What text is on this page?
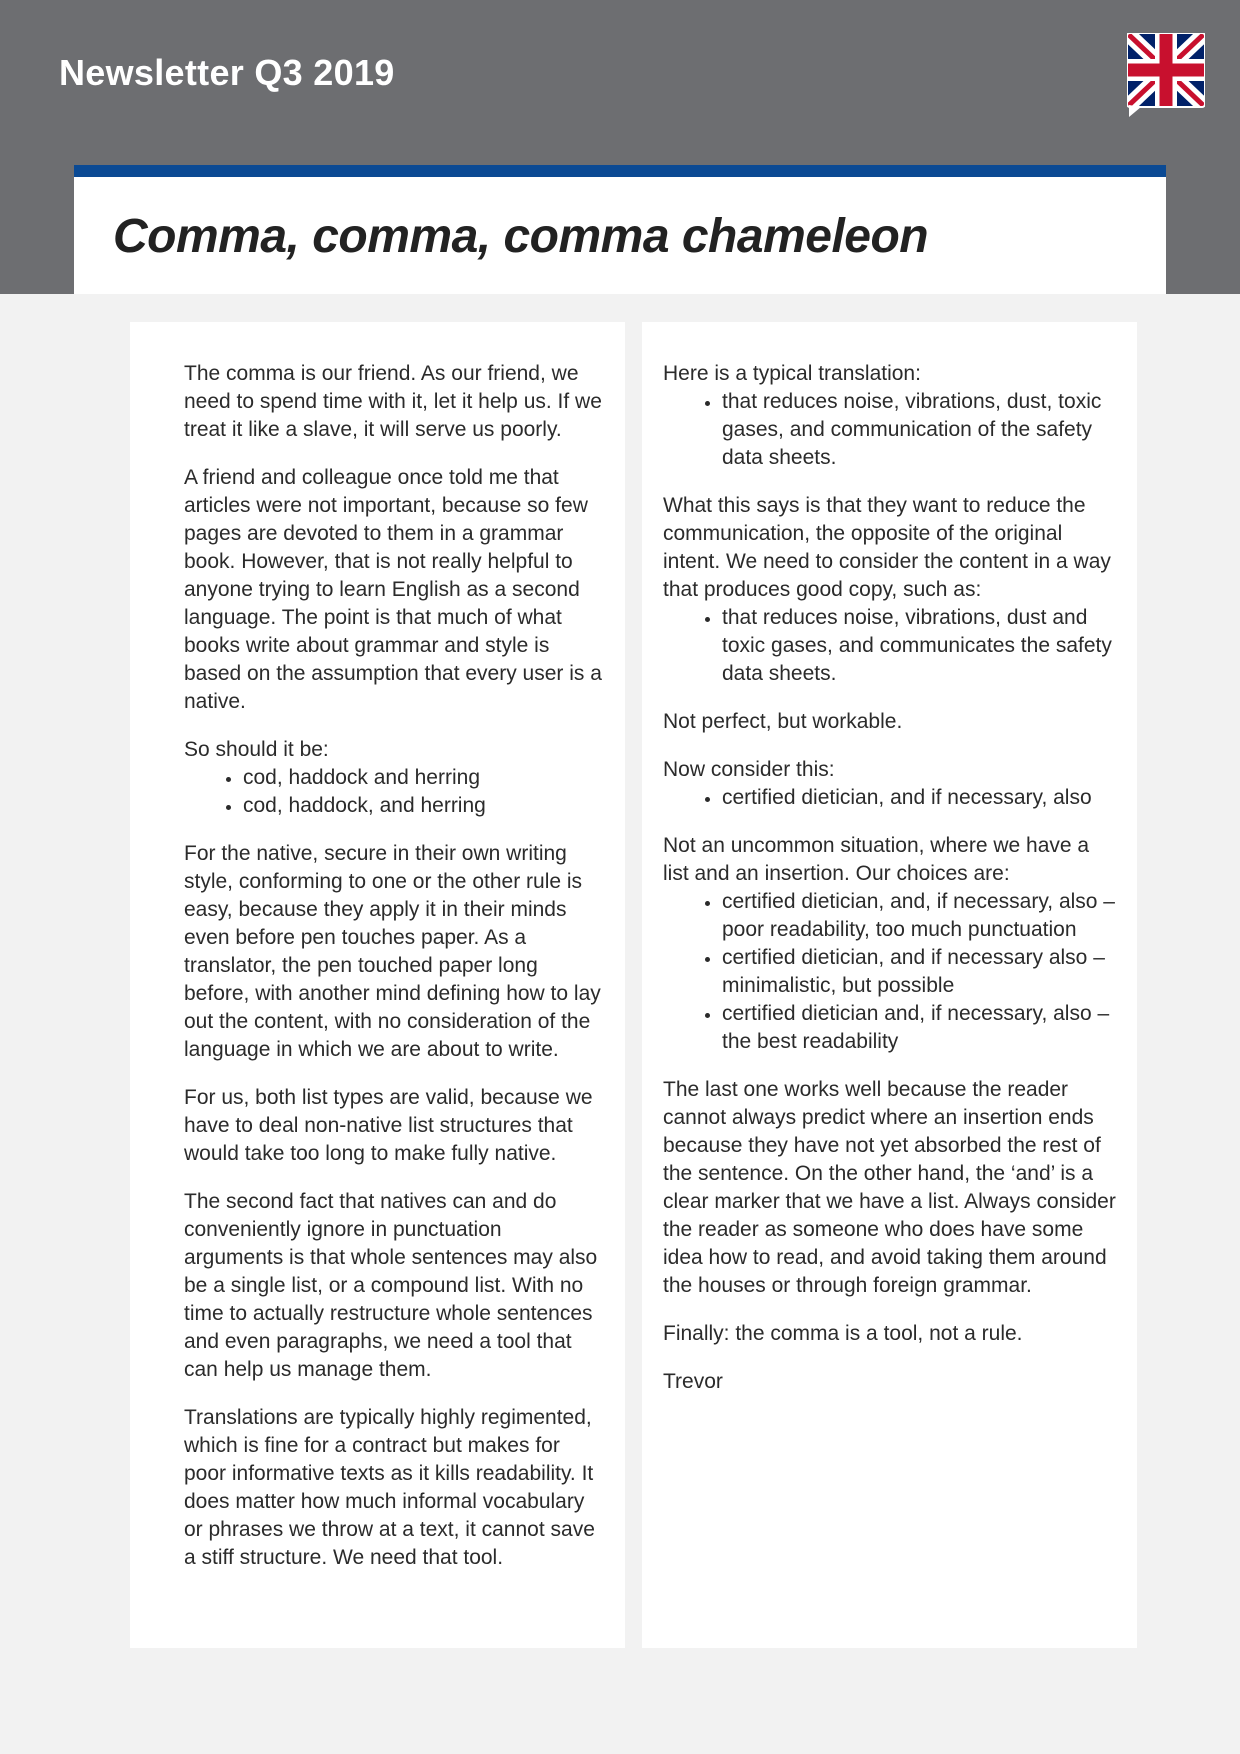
Newsletter Q3 2019
Comma, comma, comma chameleon

The comma is our friend. As our friend, we need to spend time with it, let it help us. If we treat it like a slave, it will serve us poorly.

A friend and colleague once told me that articles were not important, because so few pages are devoted to them in a grammar book. However, that is not really helpful to anyone trying to learn English as a second language. The point is that much of what books write about grammar and style is based on the assumption that every user is a native.

So should it be:

• cod, haddock and herring
• cod, haddock, and herring

For the native, secure in their own writing style, conforming to one or the other rule is easy, because they apply it in their minds even before pen touches paper. As a translator, the pen touched paper long before, with another mind defining how to lay out the content, with no consideration of the language in which we are about to write.

For us, both list types are valid, because we have to deal non-native list structures that would take too long to make fully native.

The second fact that natives can and do conveniently ignore in punctuation arguments is that whole sentences may also be a single list, or a compound list. With no time to actually restructure whole sentences and even paragraphs, we need a tool that can help us manage them.

Translations are typically highly regimented, which is fine for a contract but makes for poor informative texts as it kills readability. It does matter how much informal vocabulary or phrases we throw at a text, it cannot save a stiff structure. We need that tool.

Here is a typical translation:

• that reduces noise, vibrations, dust, toxic gases, and communication of the safety data sheets.

What this says is that they want to reduce the communication, the opposite of the original intent. We need to consider the content in a way that produces good copy, such as:

• that reduces noise, vibrations, dust and toxic gases, and communicates the safety data sheets.

Not perfect, but workable.

Now consider this:

• certified dietician, and if necessary, also

Not an uncommon situation, where we have a list and an insertion. Our choices are:

• certified dietician, and, if necessary, also – poor readability, too much punctuation
• certified dietician, and if necessary also – minimalistic, but possible
• certified dietician and, if necessary, also – the best readability

The last one works well because the reader cannot always predict where an insertion ends because they have not yet absorbed the rest of the sentence. On the other hand, the ‘and’ is a clear marker that we have a list. Always consider the reader as someone who does have some idea how to read, and avoid taking them around the houses or through foreign grammar.

Finally: the comma is a tool, not a rule.

Trevor
